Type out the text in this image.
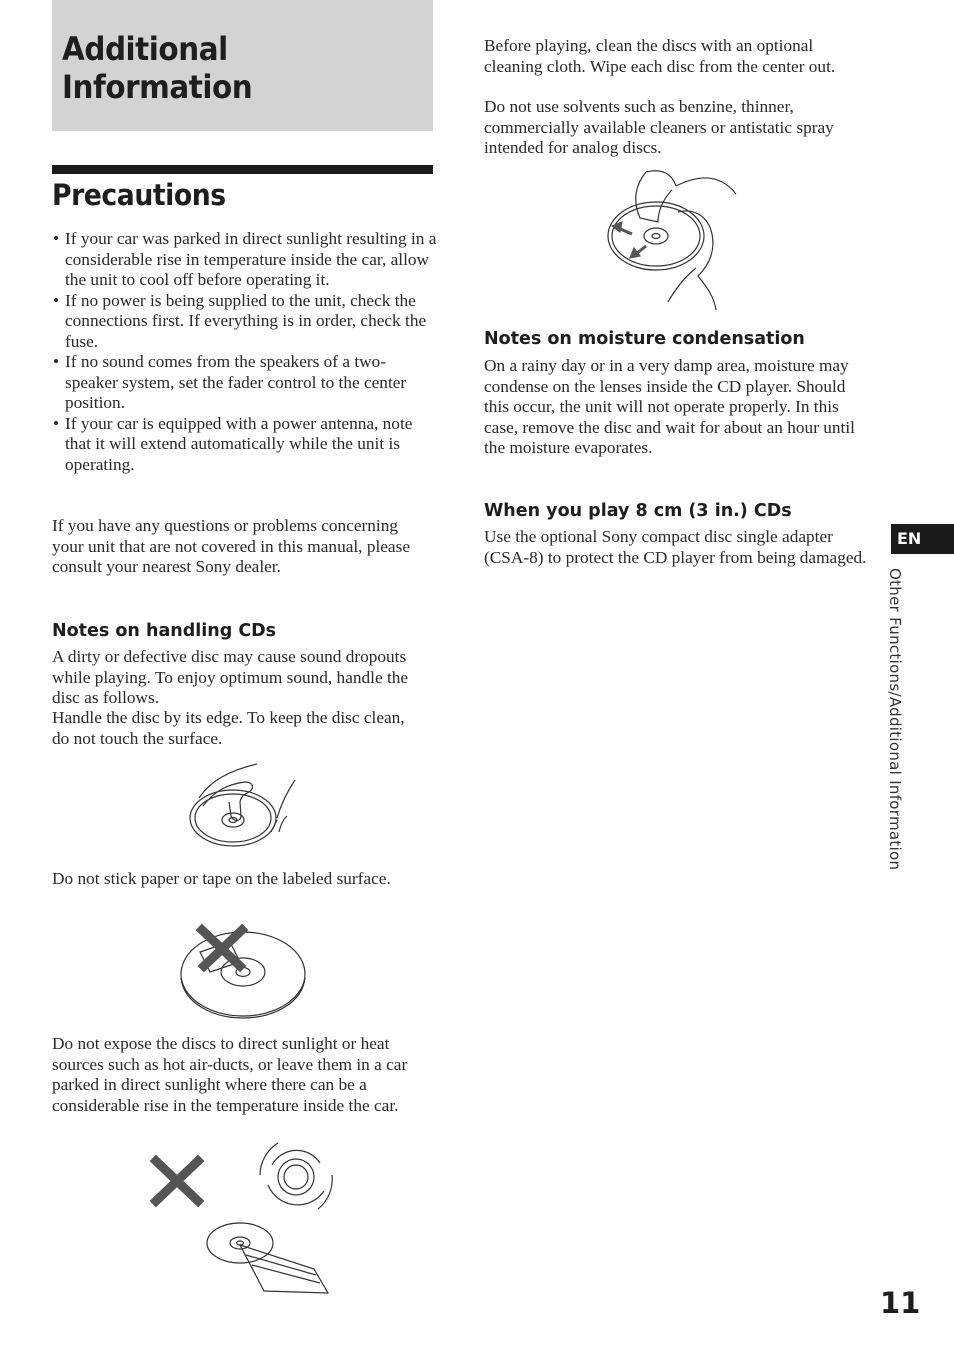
Additional
Information
Precautions
• If your car was parked in direct sunlight resulting in a considerable rise in temperature inside the car, allow the unit to cool off before operating it.
• If no power is being supplied to the unit, check the connections first. If everything is in order, check the fuse.
• If no sound comes from the speakers of a two-speaker system, set the fader control to the center position.
• If your car is equipped with a power antenna, note that it will extend automatically while the unit is operating.

If you have any questions or problems concerning your unit that are not covered in this manual, please consult your nearest Sony dealer.

Notes on handling CDs

A dirty or defective disc may cause sound dropouts while playing. To enjoy optimum sound, handle the disc as follows.

Handle the disc by its edge. To keep the disc clean, do not touch the surface.

Do not stick paper or tape on the labeled surface.

Do not expose the discs to direct sunlight or heat sources such as hot air-ducts, or leave them in a car parked in direct sunlight where there can be a considerable rise in the temperature inside the car.

Before playing, clean the discs with an optional cleaning cloth. Wipe each disc from the center out.

Do not use solvents such as benzine, thinner, commercially available cleaners or antistatic spray intended for analog discs.

Notes on moisture condensation

On a rainy day or in a very damp area, moisture may condense on the lenses inside the CD player. Should this occur, the unit will not operate properly. In this case, remove the disc and wait for about an hour until the moisture evaporates.

When you play 8 cm (3 in.) CDs

Use the optional Sony compact disc single adapter (CSA-8) to protect the CD player from being damaged.

EN
Other Functions/Additional Information
11
